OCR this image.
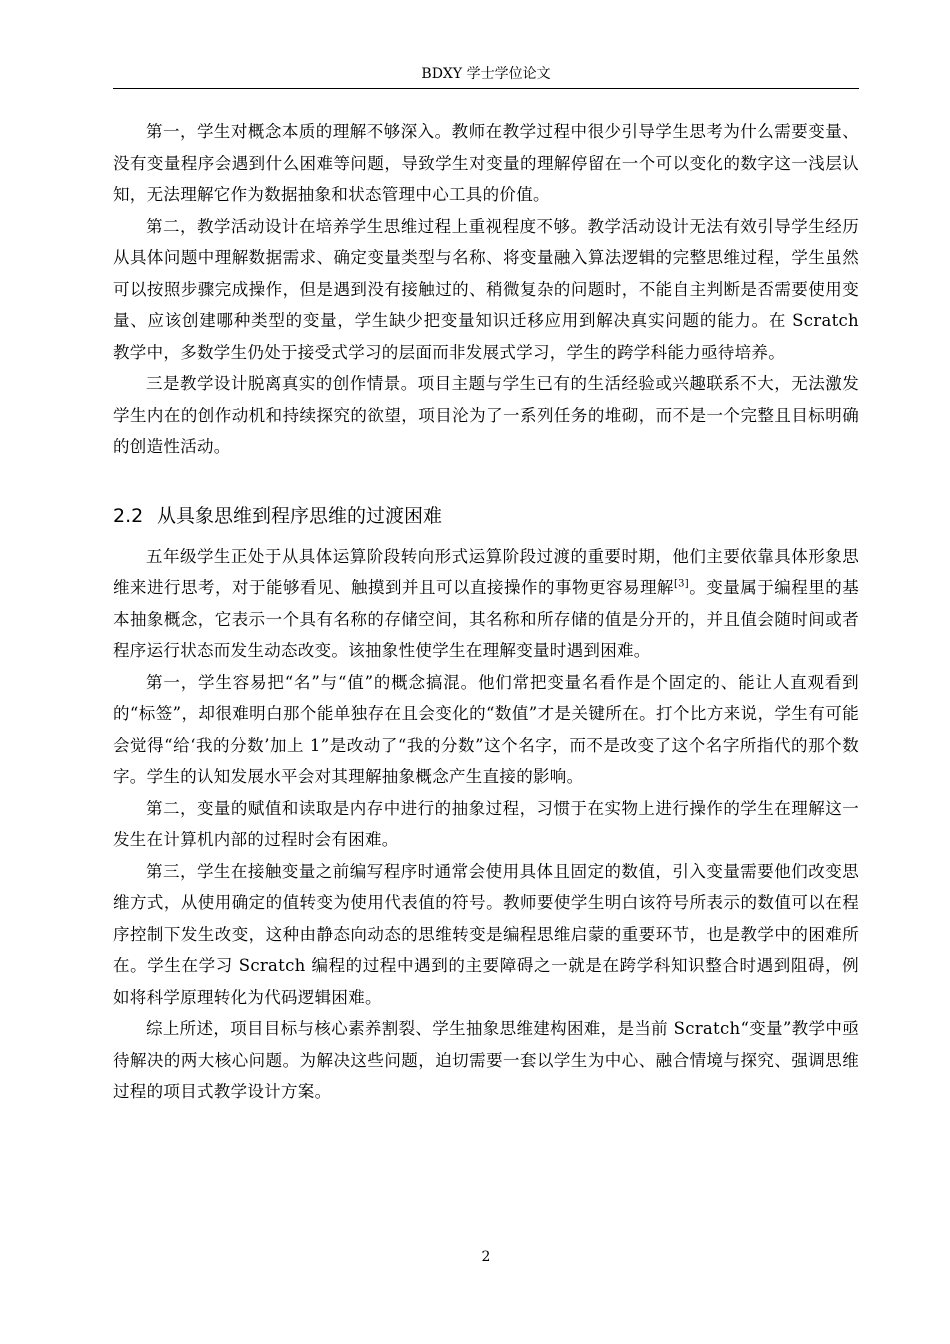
BDXY 学士学位论文

第一，学生对概念本质的理解不够深入。教师在教学过程中很少引导学生思考为什么需要变量、没有变量程序会遇到什么困难等问题，导致学生对变量的理解停留在一个可以变化的数字这一浅层认知，无法理解它作为数据抽象和状态管理中心工具的价值。

第二，教学活动设计在培养学生思维过程上重视程度不够。教学活动设计无法有效引导学生经历从具体问题中理解数据需求、确定变量类型与名称、将变量融入算法逻辑的完整思维过程，学生虽然可以按照步骤完成操作，但是遇到没有接触过的、稍微复杂的问题时，不能自主判断是否需要使用变量、应该创建哪种类型的变量，学生缺少把变量知识迁移应用到解决真实问题的能力。在 Scratch 教学中，多数学生仍处于接受式学习的层面而非发展式学习，学生的跨学科能力亟待培养。

三是教学设计脱离真实的创作情景。项目主题与学生已有的生活经验或兴趣联系不大，无法激发学生内在的创作动机和持续探究的欲望，项目沦为了一系列任务的堆砌，而不是一个完整且目标明确的创造性活动。

2.2 从具象思维到程序思维的过渡困难

五年级学生正处于从具体运算阶段转向形式运算阶段过渡的重要时期，他们主要依靠具体形象思维来进行思考，对于能够看见、触摸到并且可以直接操作的事物更容易理解[3]。变量属于编程里的基本抽象概念，它表示一个具有名称的存储空间，其名称和所存储的值是分开的，并且值会随时间或者程序运行状态而发生动态改变。该抽象性使学生在理解变量时遇到困难。

第一，学生容易把“名”与“值”的概念搞混。他们常把变量名看作是个固定的、能让人直观看到的“标签”，却很难明白那个能单独存在且会变化的“数值”才是关键所在。打个比方来说，学生有可能会觉得“给‘我的分数’加上 1”是改动了“我的分数”这个名字，而不是改变了这个名字所指代的那个数字。学生的认知发展水平会对其理解抽象概念产生直接的影响。

第二，变量的赋值和读取是内存中进行的抽象过程，习惯于在实物上进行操作的学生在理解这一发生在计算机内部的过程时会有困难。

第三，学生在接触变量之前编写程序时通常会使用具体且固定的数值，引入变量需要他们改变思维方式，从使用确定的值转变为使用代表值的符号。教师要使学生明白该符号所表示的数值可以在程序控制下发生改变，这种由静态向动态的思维转变是编程思维启蒙的重要环节，也是教学中的困难所在。学生在学习 Scratch 编程的过程中遇到的主要障碍之一就是在跨学科知识整合时遇到阻碍，例如将科学原理转化为代码逻辑困难。

综上所述，项目目标与核心素养割裂、学生抽象思维建构困难，是当前 Scratch“变量”教学中亟待解决的两大核心问题。为解决这些问题，迫切需要一套以学生为中心、融合情境与探究、强调思维过程的项目式教学设计方案。

2
